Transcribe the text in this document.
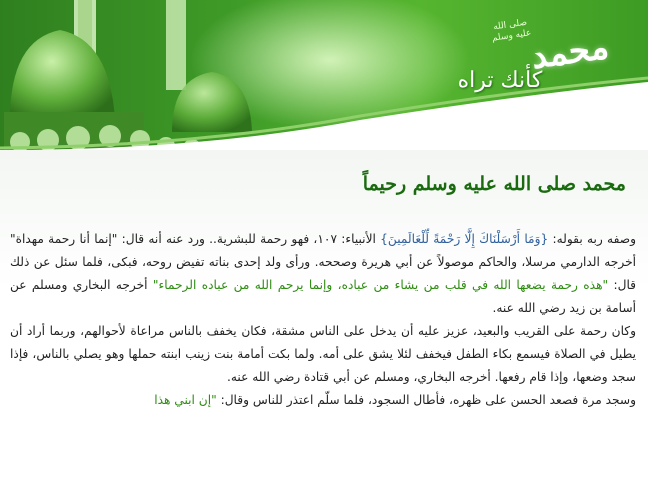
محمد
صلى الله عليه وسلم
كأنك تراه
محمد صلى الله عليه وسلم رحيماً

وصفه ربه بقوله: {وَمَا أَرْسَلْنَاكَ إِلَّا رَحْمَةً لِّلْعَالَمِينَ} الأنبياء: ١٠٧، فهو رحمة للبشرية.. ورد عنه أنه قال: "إنما أنا رحمة مهداة" أخرجه الدارمي مرسلا، والحاكم موصولاً عن أبي هريرة وصححه. ورأى ولد إحدى بناته تفيض روحه، فبكى، فلما سئل عن ذلك قال: "هذه رحمة يضعها الله في قلب من يشاء من عباده، وإنما يرحم الله من عباده الرحماء" أخرجه البخاري ومسلم عن أسامة بن زيد رضي الله عنه.

وكان رحمة على القريب والبعيد، عزيز عليه أن يدخل على الناس مشقة، فكان يخفف بالناس مراعاة لأحوالهم، وربما أراد أن يطيل في الصلاة فيسمع بكاء الطفل فيخفف لئلا يشق على أمه. ولما بكت أمامة بنت زينب ابنته حملها وهو يصلي بالناس، فإذا سجد وضعها، وإذا قام رفعها. أخرجه البخاري، ومسلم عن أبي قتادة رضي الله عنه.

وسجد مرة فصعد الحسن على ظهره، فأطال السجود، فلما سلّم اعتذر للناس وقال: "إن ابني هذا
